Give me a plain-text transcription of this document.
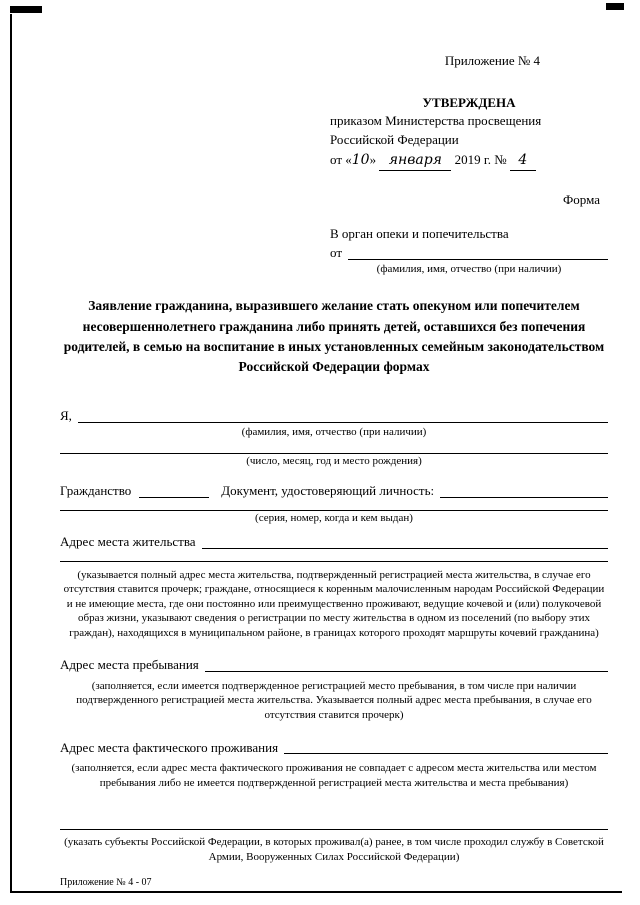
Приложение № 4
УТВЕРЖДЕНА
приказом Министерства просвещения
Российской Федерации
от «10» января 2019 г. № 4
Форма
В орган опеки и попечительства
от
(фамилия, имя, отчество (при наличии)
Заявление гражданина, выразившего желание стать опекуном или попечителем несовершеннолетнего гражданина либо принять детей, оставшихся без попечения родителей, в семью на воспитание в иных установленных семейным законодательством Российской Федерации формах
Я,
(фамилия, имя, отчество (при наличии)
(число, месяц, год и место рождения)
Гражданство	Документ, удостоверяющий личность:
(серия, номер, когда и кем выдан)
Адрес места жительства
(указывается полный адрес места жительства, подтвержденный регистрацией места жительства, в случае его отсутствия ставится прочерк; граждане, относящиеся к коренным малочисленным народам Российской Федерации и не имеющие места, где они постоянно или преимущественно проживают, ведущие кочевой и (или) полукочевой образ жизни, указывают сведения о регистрации по месту жительства в одном из поселений (по выбору этих граждан), находящихся в муниципальном районе, в границах которого проходят маршруты кочевий гражданина)
Адрес места пребывания
(заполняется, если имеется подтвержденное регистрацией место пребывания, в том числе при наличии подтвержденного регистрацией места жительства. Указывается полный адрес места пребывания, в случае его отсутствия ставится прочерк)
Адрес места фактического проживания
(заполняется, если адрес места фактического проживания не совпадает с адресом места жительства или местом пребывания либо не имеется подтвержденной регистрацией места жительства и места пребывания)
(указать субъекты Российской Федерации, в которых проживал(а) ранее, в том числе проходил службу в Советской Армии, Вооруженных Силах Российской Федерации)
Приложение № 4 - 07
